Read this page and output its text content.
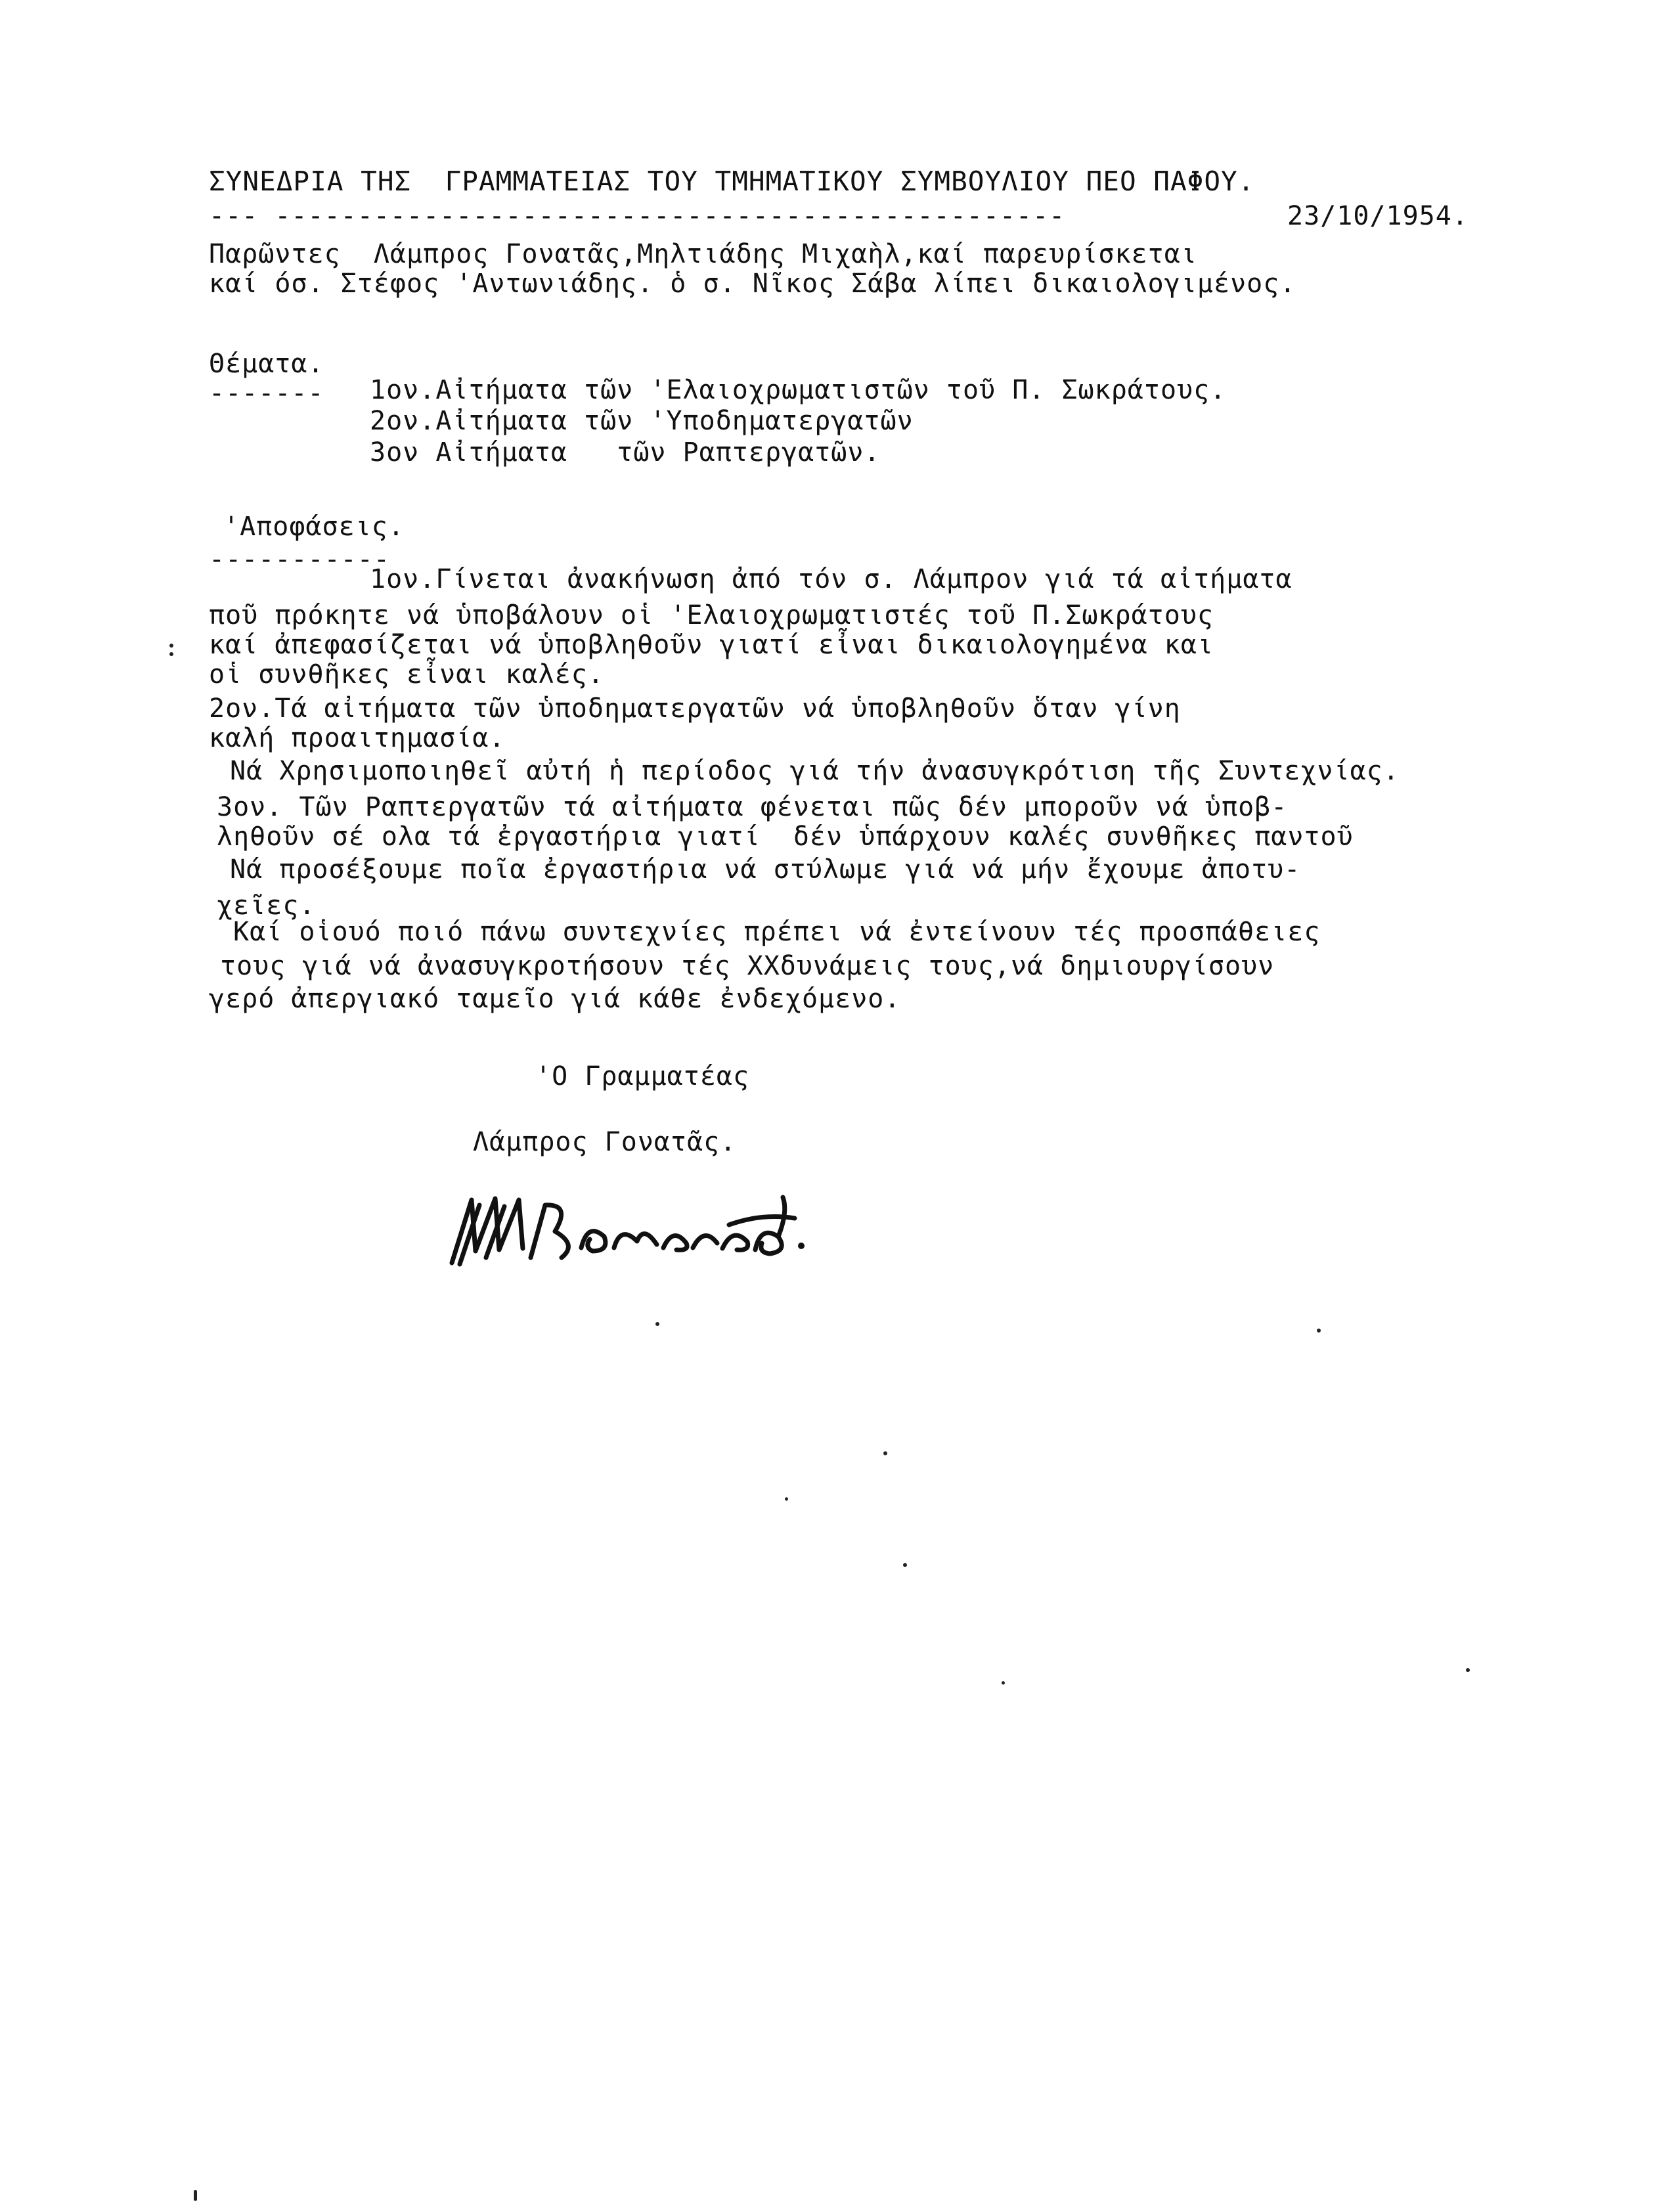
ΣΥΝΕΔΡΙΑ ΤΗΣ  ΓΡΑΜΜΑΤΕΙΑΣ ΤΟΥ ΤΜΗΜΑΤΙΚΟΥ ΣΥΜΒΟΥΛΙΟΥ ΠΕΟ ΠΑΦΟΥ.
--- ------------------------------------------------	23/10/1954.
Παρῶντες  Λάμπρος Γονατᾶς,Μηλτιάδης Μιχαὴλ,καί παρευρίσκεται
καί όσ. Στέφος 'Αντωνιάδης. ὁ σ. Νῖκος Σάβα λίπει δικαιολογιμένος.
Θέματα.
------- 1ον.Αἰτήματα τῶν 'Ελαιοχρωματιστῶν τοῦ Π. Σωκράτους.
2ον.Αἰτήματα τῶν 'Υποδηματεργατῶν
3ον Αἰτήματα   τῶν Ραπτεργατῶν.
'Αποφάσεις.
-----------
1ον.Γίνεται ἀνακήνωση ἀπό τόν σ. Λάμπρον γιά τά αἰτήματα
ποῦ πρόκητε νά ὑποβάλουν οἱ 'Ελαιοχρωματιστές τοῦ Π.Σωκράτους
καί ἀπεφασίζεται νά ὑποβληθοῦν γιατί εἶναι δικαιολογημένα και
οἱ συνθῆκες εἶναι καλές.
2ον.Τά αἰτήματα τῶν ὑποδηματεργατῶν νά ὑποβληθοῦν ὅταν γίνη
καλή προαιτημασία.
Νά Χρησιμοποιηθεῖ αὐτή ἡ περίοδος γιά τήν ἀνασυγκρότιση τῆς Συντεχνίας.
3ον. Τῶν Ραπτεργατῶν τά αἰτήματα φένεται πῶς δέν μποροῦν νά ὑποβ-
ληθοῦν σέ ολα τά ἐργαστήρια γιατί  δέν ὑπάρχουν καλές συνθῆκες παντοῦ
Νά προσέξουμε ποῖα ἐργαστήρια νά στύλωμε γιά νά μήν ἔχουμε ἀποτυ-
χεῖες.
Καί οἱουό ποιό πάνω συντεχνίες πρέπει νά ἐντείνουν τές προσπάθειες
τους γιά νά ἀνασυγκροτήσουν τές ΧΧδυνάμεις τους,νά δημιουργίσουν
γερό ἀπεργιακό ταμεῖο γιά κάθε ἐνδεχόμενο.
'Ο Γραμματέας
Λάμπρος Γονατᾶς.
